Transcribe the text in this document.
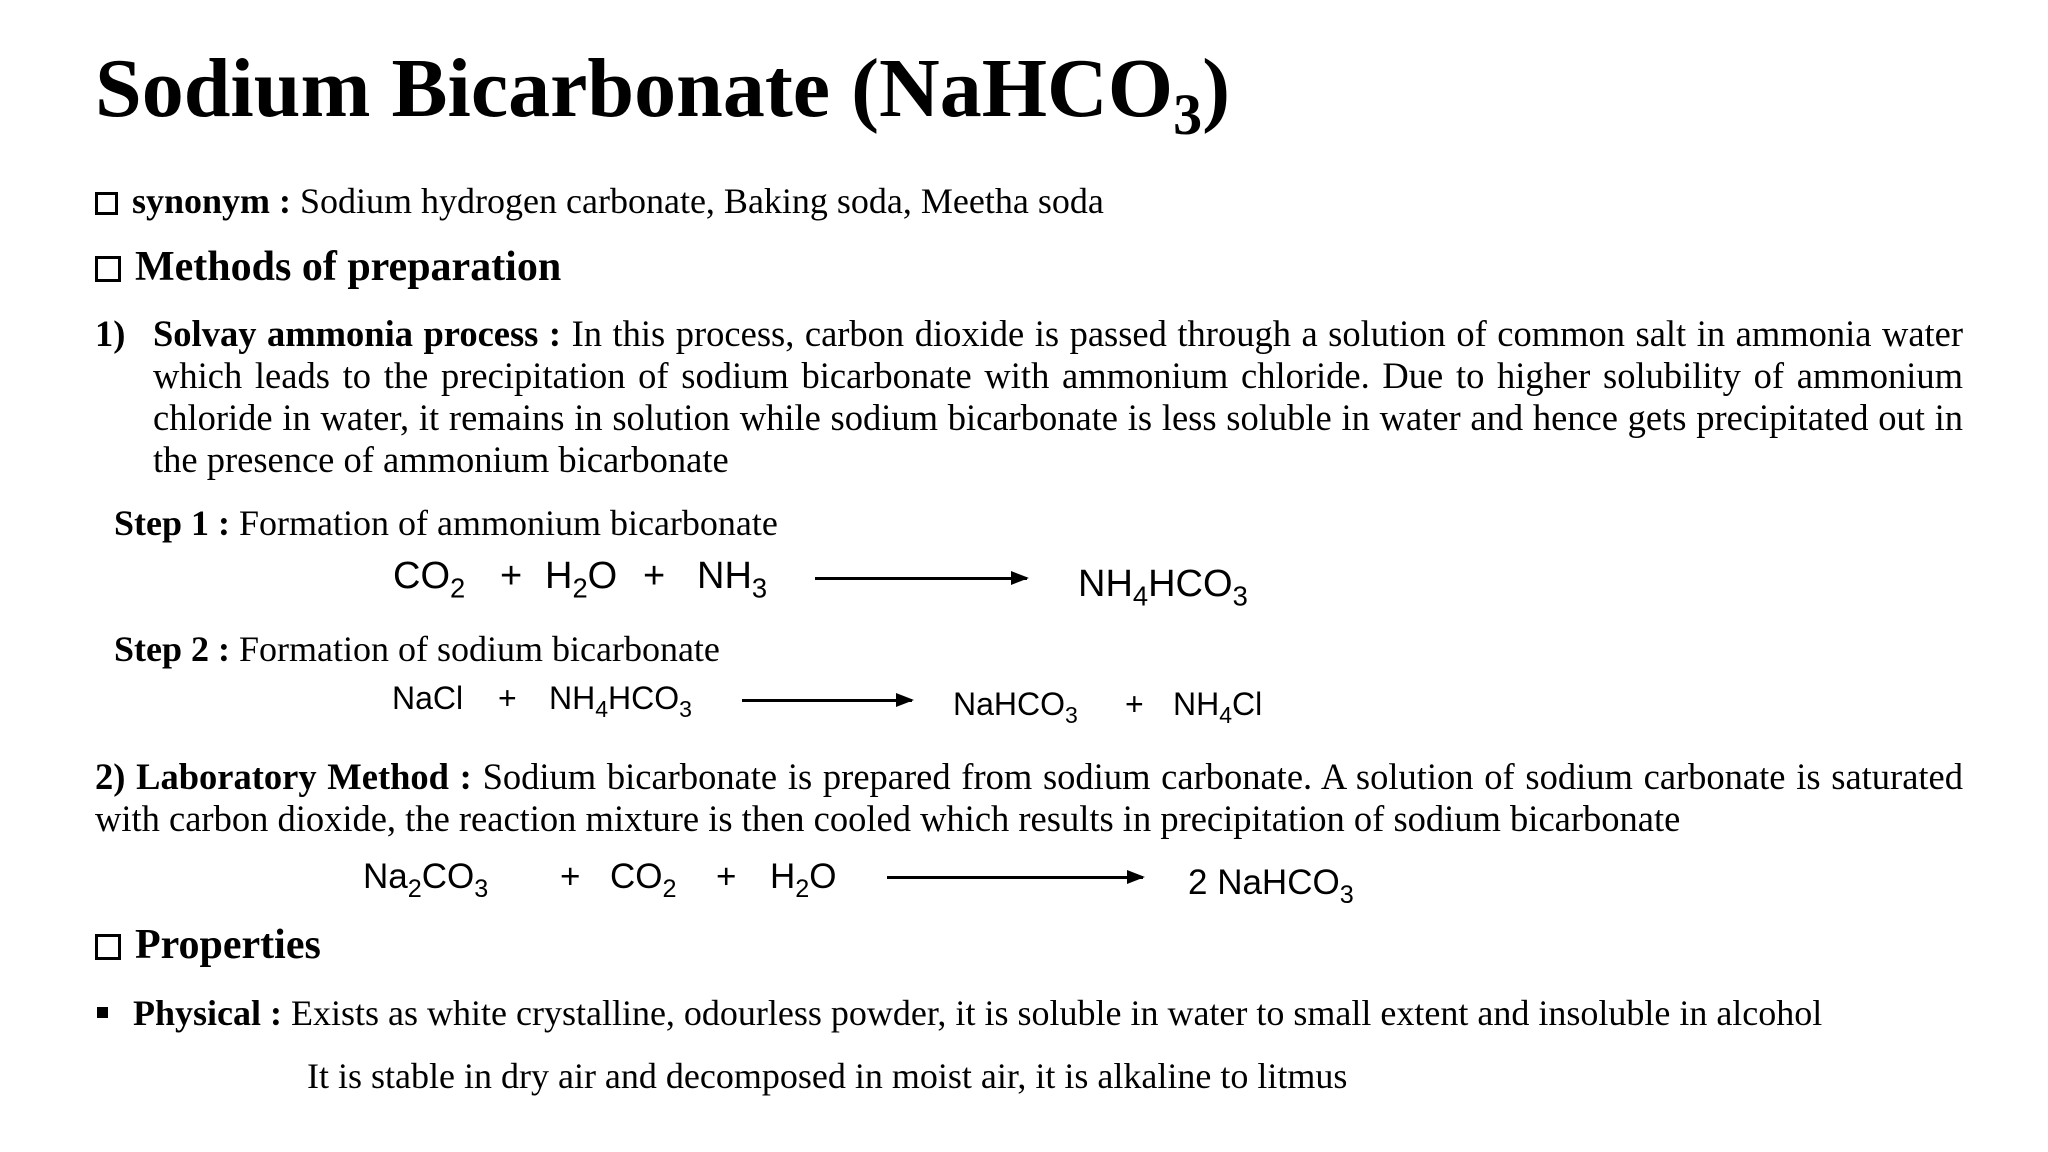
Sodium Bicarbonate (NaHCO$_3$)
synonym : Sodium hydrogen carbonate, Baking soda, Meetha soda
Methods of preparation
1) Solvay ammonia process : In this process, carbon dioxide is passed through a solution of common salt in ammonia water which leads to the precipitation of sodium bicarbonate with ammonium chloride. Due to higher solubility of ammonium chloride in water, it remains in solution while sodium bicarbonate is less soluble in water and hence gets precipitated out in the presence of ammonium bicarbonate
Step 1 : Formation of ammonium bicarbonate
$CO_2 + H_2O + NH_3$	$NH_4HCO_3$
Step 2 : Formation of sodium bicarbonate
NaCl + $NH_4HCO_3$	NaHCO$_3$ + $NH_4Cl$
2) Laboratory Method : Sodium bicarbonate is prepared from sodium carbonate. A solution of sodium carbonate is saturated with carbon dioxide, the reaction mixture is then cooled which results in precipitation of sodium bicarbonate
$Na_2CO_3 + CO_2 + H_2O$	2 NaHCO$_3$
Properties
Physical : Exists as white crystalline, odourless powder, it is soluble in water to small extent and insoluble in alcohol
It is stable in dry air and decomposed in moist air, it is alkaline to litmus
